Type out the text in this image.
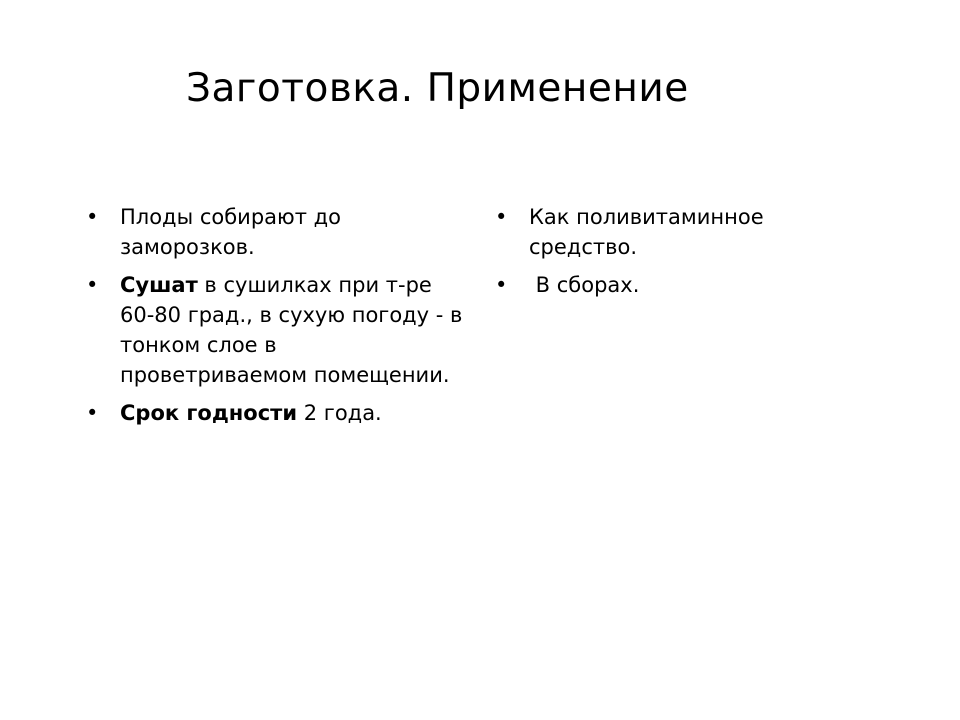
Заготовка. Применение
• Плоды собирают до заморозков.
• Сушат в сушилках при т-ре 60-80 град., в сухую погоду - в тонком слое в проветриваемом помещении.
• Срок годности 2 года.
• Как поливитаминное средство.
• В сборах.
